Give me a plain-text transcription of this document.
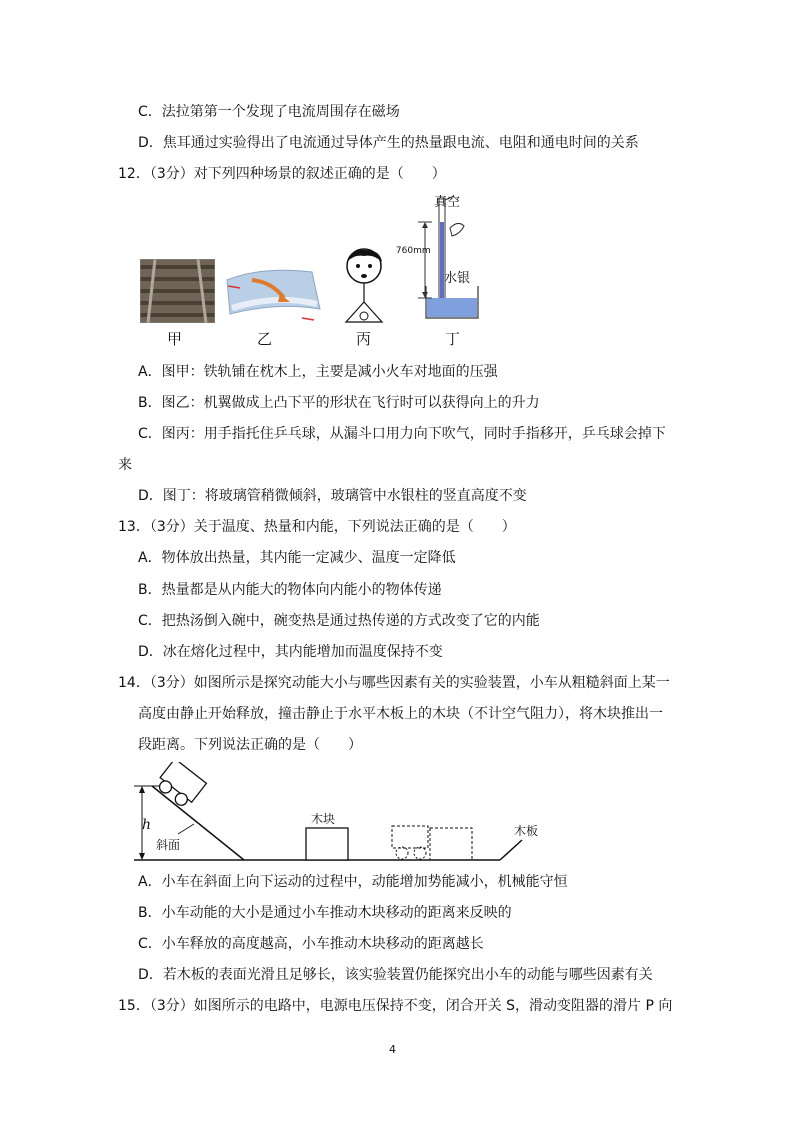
C．法拉第第一个发现了电流周围存在磁场
D．焦耳通过实验得出了电流通过导体产生的热量跟电流、电阻和通电时间的关系
12．（3分）对下列四种场景的叙述正确的是（　　）
真空
760mm
水银
甲	乙	丙	丁
A．图甲：铁轨铺在枕木上，主要是减小火车对地面的压强
B．图乙：机翼做成上凸下平的形状在飞行时可以获得向上的升力
C．图丙：用手指托住乒乓球，从漏斗口用力向下吹气，同时手指移开，乒乓球会掉下
来
D．图丁：将玻璃管稍微倾斜，玻璃管中水银柱的竖直高度不变
13．（3分）关于温度、热量和内能，下列说法正确的是（　　）
A．物体放出热量，其内能一定减少、温度一定降低
B．热量都是从内能大的物体向内能小的物体传递
C．把热汤倒入碗中，碗变热是通过热传递的方式改变了它的内能
D．冰在熔化过程中，其内能增加而温度保持不变
14．（3分）如图所示是探究动能大小与哪些因素有关的实验装置，小车从粗糙斜面上某一
高度由静止开始释放，撞击静止于水平木板上的木块（不计空气阻力），将木块推出一
段距离。下列说法正确的是（　　）
h
斜面
木块
木板
A．小车在斜面上向下运动的过程中，动能增加势能减小，机械能守恒
B．小车动能的大小是通过小车推动木块移动的距离来反映的
C．小车释放的高度越高，小车推动木块移动的距离越长
D．若木板的表面光滑且足够长，该实验装置仍能探究出小车的动能与哪些因素有关
15．（3分）如图所示的电路中，电源电压保持不变，闭合开关 S，滑动变阻器的滑片 P 向
4
